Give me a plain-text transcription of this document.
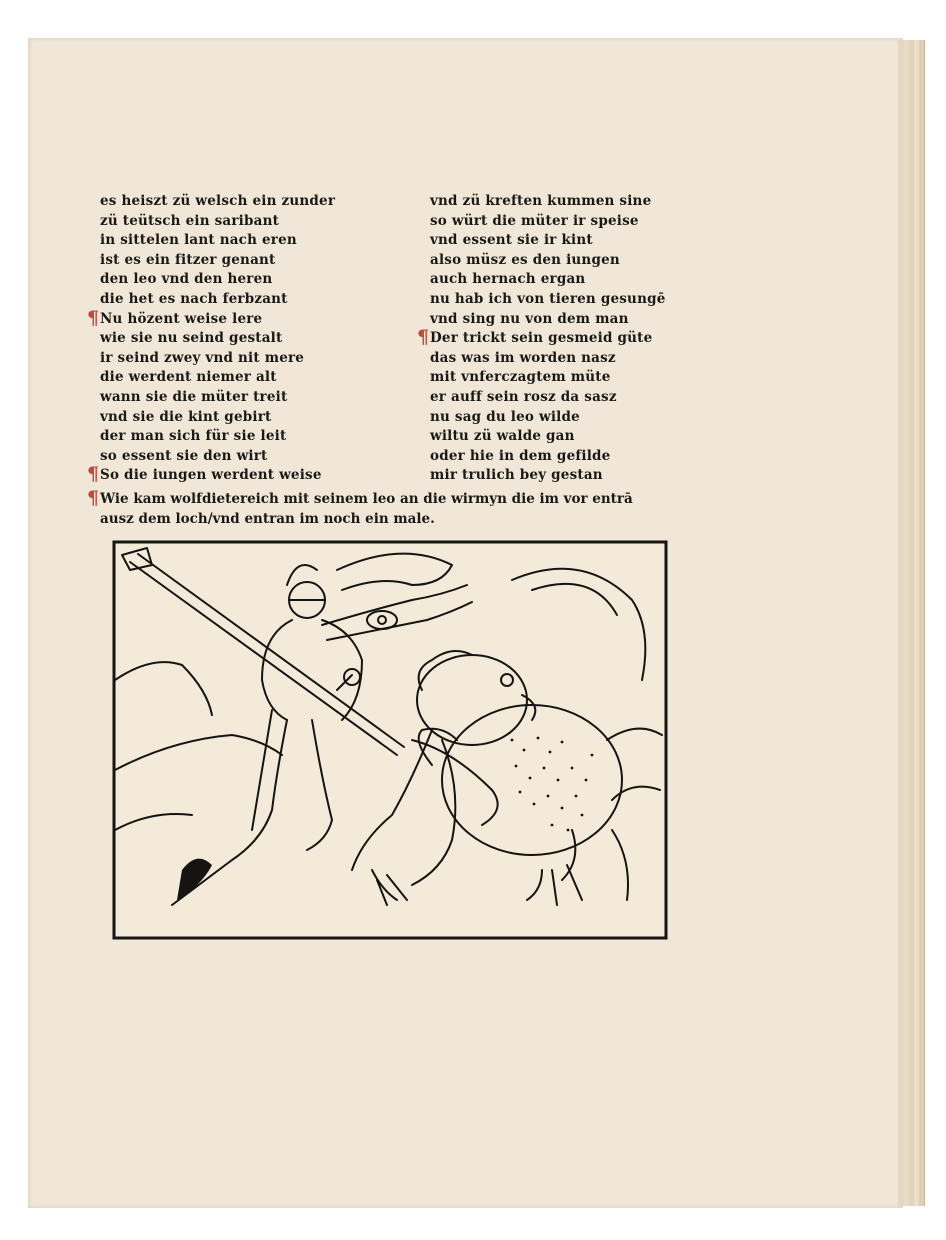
es heiszt zü welsch ein zunder
zü teütsch ein saribant
in sittelen lant nach eren
ist es ein fitzer genant
den leo vnd den heren
die het es nach ferbzant
¶ Nu hözent weise lere
wie sie nu seind gestalt
ir seind zwey vnd nit mere
die werdent niemer alt
wann sie die müter treit
vnd sie die kint gebirt
der man sich für sie leit
so essent sie den wirt
¶ So die iungen werdent weise
vnd zü kreften kummen sine
so würt die müter ir speise
vnd essent sie ir kint
also müsz es den iungen
auch hernach ergan
nu hab ich von tieren gesungē
vnd sing nu von dem man
¶ Der trickt sein gesmeid güte
das was im worden nasz
mit vnferczagtem müte
er auff sein rosz da sasz
nu sag du leo wilde
wiltu zü walde gan
oder hie in dem gefilde
mir trulich bey gestan
¶ Wie kam wolfdietereich mit seinem leo an die wirmyn die im vor entrā
ausz dem loch/vnd entran im noch ein male.
